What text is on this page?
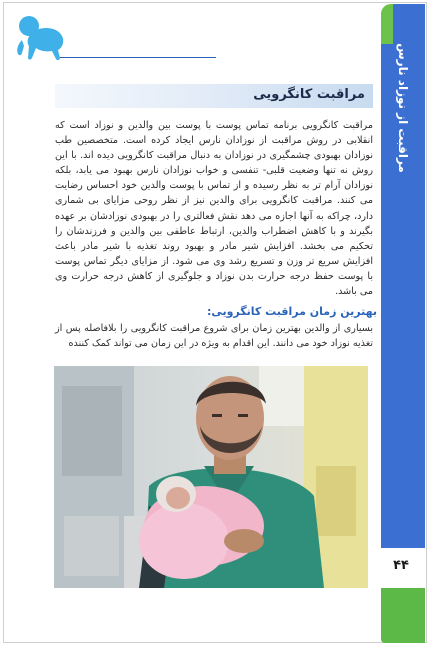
مراقبت از نوزاد نارس
۴۴
مراقبت کانگرویی
مراقبت کانگرویی برنامه تماس پوست با پوست بین والدین و نوزاد است که انقلابی در روش مراقبت از نوزادان نارس ایجاد کرده است. متخصصین طب نوزادان بهبودی چشمگیری در نوزادان به دنبال مراقبت کانگرویی دیده اند. با این روش نه تنها وضعیت قلبی- تنفسی و خواب نوزادان نارس بهبود می یابد، بلکه نوزادان آرام تر به نظر رسیده و از تماس با پوست والدین خود احساس رضایت می کنند. مراقبت کانگرویی برای والدین نیز از نظر روحی مزایای بی شماری دارد، چراکه به آنها اجازه می دهد نقش فعالتری را در بهبودی نوزادشان بر عهده بگیرند و با کاهش اضطراب والدین، ارتباط عاطفی بین والدین و فرزندشان را تحکیم می بخشد. افزایش شیر مادر و بهبود روند تغذیه با شیر مادر باعث افزایش سریع تر وزن و تسریع رشد وی می شود. از مزایای دیگر تماس پوست با پوست حفظ درجه حرارت بدن نوزاد و جلوگیری از کاهش درجه حرارت وی می باشد.
بهترین زمان مراقبت کانگرویی:
بسیاری از والدین بهترین زمان برای شروع مراقبت کانگرویی را بلافاصله پس از تغذیه نوزاد خود می دانند. این اقدام به ویژه در این زمان می تواند کمک کننده
